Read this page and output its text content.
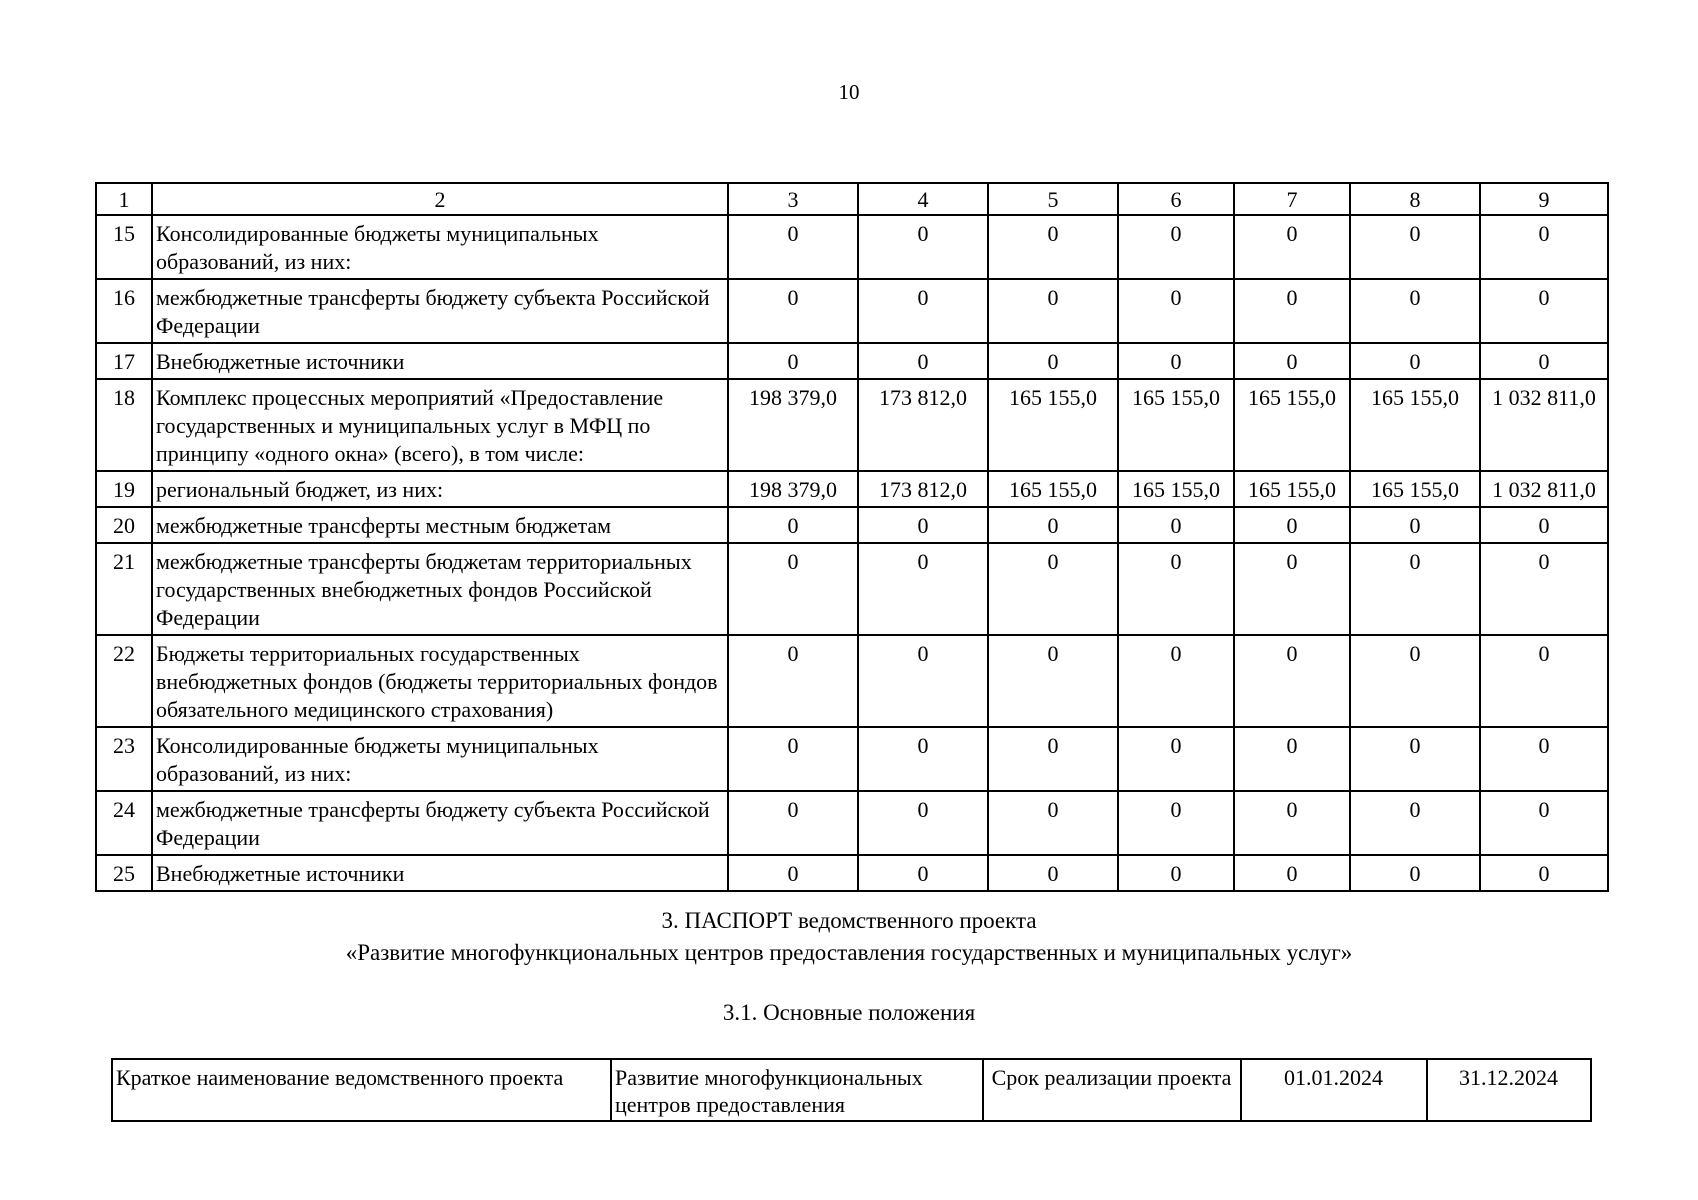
10
1	2	3	4	5	6	7	8	9
15	Консолидированные бюджеты муниципальных образований, из них:	0	0	0	0	0	0	0
16	межбюджетные трансферты бюджету субъекта Российской Федерации	0	0	0	0	0	0	0
17	Внебюджетные источники	0	0	0	0	0	0	0
18	Комплекс процессных мероприятий «Предоставление государственных и муниципальных услуг в МФЦ по принципу «одного окна» (всего), в том числе:	198 379,0	173 812,0	165 155,0	165 155,0	165 155,0	165 155,0	1 032 811,0
19	региональный бюджет, из них:	198 379,0	173 812,0	165 155,0	165 155,0	165 155,0	165 155,0	1 032 811,0
20	межбюджетные трансферты местным бюджетам	0	0	0	0	0	0	0
21	межбюджетные трансферты бюджетам территориальных государственных внебюджетных фондов Российской Федерации	0	0	0	0	0	0	0
22	Бюджеты территориальных государственных внебюджетных фондов (бюджеты территориальных фондов обязательного медицинского страхования)	0	0	0	0	0	0	0
23	Консолидированные бюджеты муниципальных образований, из них:	0	0	0	0	0	0	0
24	межбюджетные трансферты бюджету субъекта Российской Федерации	0	0	0	0	0	0	0
25	Внебюджетные источники	0	0	0	0	0	0	0
3. ПАСПОРТ ведомственного проекта
«Развитие многофункциональных центров предоставления государственных и муниципальных услуг»
3.1. Основные положения
Краткое наименование ведомственного проекта	Развитие многофункциональных центров предоставления	Срок реализации проекта	01.01.2024	31.12.2024
